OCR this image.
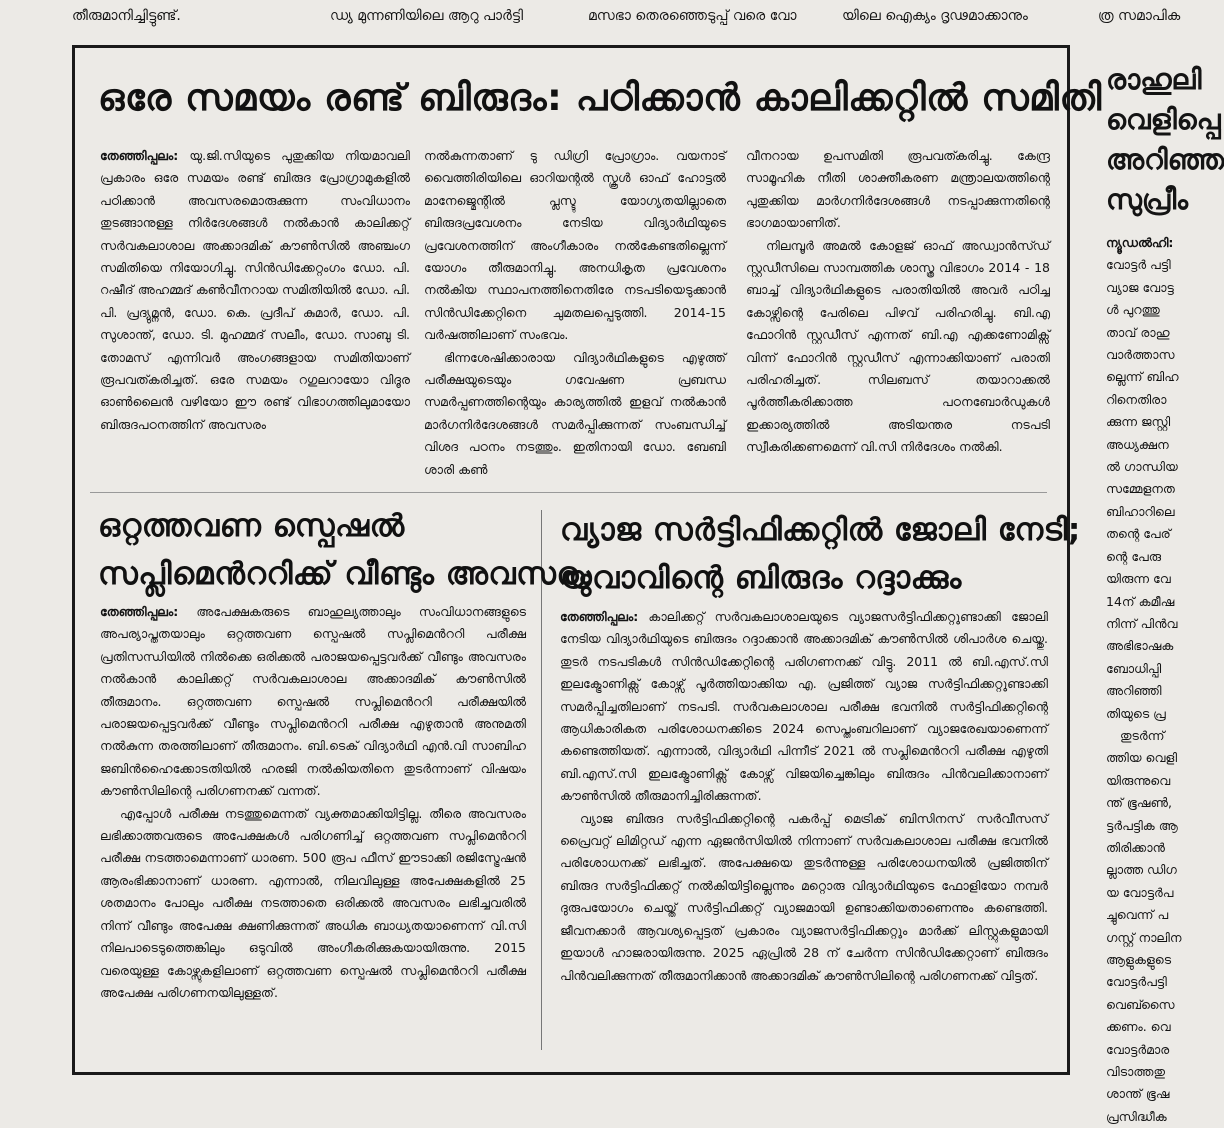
തീരുമാനിച്ചിട്ടുണ്ട്.	ഡ്യ മുന്നണിയിലെ ആറു പാർട്ടി	മസഭാ തെരഞ്ഞെടുപ്പ് വരെ വോ	യിലെ ഐക്യം ദൃഢമാക്കാനും	ത്ര സമാപിക
ഒരേ സമയം രണ്ട് ബിരുദം: പഠിക്കാൻ കാലിക്കറ്റിൽ സമിതി

തേഞ്ഞിപ്പലം: യു.ജി.സിയുടെ പുതുക്കിയ നിയമാവലി പ്രകാരം ഒരേ സമയം രണ്ട് ബിരുദ പ്രോഗ്രാമുകളിൽ പഠിക്കാൻ അവസരമൊരുക്കുന്ന സംവിധാനം തുടങ്ങാനുള്ള നിർദേശങ്ങൾ നൽകാൻ കാലിക്കറ്റ് സർവകലാശാല അക്കാദമിക് കൗൺസിൽ അഞ്ചംഗ സമിതിയെ നിയോഗിച്ചു. സിൻഡിക്കേറ്റംഗം ഡോ. പി. റഷീദ് അഹമ്മദ് കൺവീനറായ സമിതിയിൽ ഡോ. പി. പി. പ്രദ്യുമ്നൻ, ഡോ. കെ. പ്രദീപ് കുമാർ, ഡോ. പി. സുശാന്ത്, ഡോ. ടി. മുഹമ്മദ് സലീം, ഡോ. സാബു ടി. തോമസ് എന്നിവർ അംഗങ്ങളായ സമിതിയാണ് രൂപവത്കരിച്ചത്. ഒരേ സമയം റഗുലറായോ വിദൂര ഓൺലൈൻ വഴിയോ ഈ രണ്ട് വിഭാഗത്തിലുമായോ ബിരുദപഠനത്തിന് അവസരം

നൽകുന്നതാണ് ടു ഡിഗ്രി പ്രോഗ്രാം. വയനാട് വൈത്തിരിയിലെ ഓറിയന്റൽ സ്കൂൾ ഓഫ് ഹോട്ടൽ മാനേജ്മെന്റിൽ പ്ലസ്ടു യോഗ്യതയില്ലാതെ ബിരുദപ്രവേശനം നേടിയ വിദ്യാർഥിയുടെ പ്രവേശനത്തിന് അംഗീകാരം നൽകേണ്ടതില്ലെന്ന് യോഗം തീരുമാനിച്ചു. അനധികൃത പ്രവേശനം നൽകിയ സ്ഥാപനത്തിനെതിരേ നടപടിയെടുക്കാൻ സിൻഡിക്കേറ്റിനെ ചുമതലപ്പെടുത്തി. 2014-15 വർഷത്തിലാണ് സംഭവം.

ഭിന്നശേഷിക്കാരായ വിദ്യാർഥികളുടെ എഴുത്ത് പരീക്ഷയുടെയും ഗവേഷണ പ്രബന്ധ സമർപ്പണത്തിന്റെയും കാര്യത്തിൽ ഇളവ് നൽകാൻ മാർഗനിർദേശങ്ങൾ സമർപ്പിക്കുന്നത് സംബന്ധിച്ച് വിശദ പഠനം നടത്തും. ഇതിനായി ഡോ. ബേബി ശാരി കൺ

വീനറായ ഉപസമിതി രൂപവത്കരിച്ചു. കേന്ദ്ര സാമൂഹിക നീതി ശാക്തീകരണ മന്ത്രാലയത്തിന്റെ പുതുക്കിയ മാർഗനിർദേശങ്ങൾ നടപ്പാക്കുന്നതിന്റെ ഭാഗമായാണിത്.

നിലമ്പൂർ അമൽ കോളജ് ഓഫ് അഡ്വാൻസ്ഡ് സ്റ്റഡീസിലെ സാമ്പത്തിക ശാസ്ത്ര വിഭാഗം 2014 - 18 ബാച്ച് വിദ്യാർഥികളുടെ പരാതിയിൽ അവർ പഠിച്ച കോഴ്സിന്റെ പേരിലെ പിഴവ് പരിഹരിച്ചു. ബി.എ ഫോറിൻ സ്റ്റഡീസ് എന്നത് ബി.എ എക്കണോമിക്സ് വിന്ന് ഫോറിൻ സ്റ്റഡീസ് എന്നാക്കിയാണ് പരാതി പരിഹരിച്ചത്. സിലബസ് തയാറാക്കൽ പൂർത്തീകരിക്കാത്ത പഠനബോർഡുകൾ ഇക്കാര്യത്തിൽ അടിയന്തര നടപടി സ്വീകരിക്കണമെന്ന് വി.സി നിർദേശം നൽകി.

ഒറ്റത്തവണ സ്പെഷൽ
സപ്ലിമെൻററിക്ക് വീണ്ടും അവസരം

തേഞ്ഞിപ്പലം: അപേക്ഷകരുടെ ബാഹുല്യത്താലും സംവിധാനങ്ങളുടെ അപര്യാപ്തതയാലും ഒറ്റത്തവണ സ്പെഷൽ സപ്ലിമെൻററി പരീക്ഷ പ്രതിസന്ധിയിൽ നിൽക്കെ ഒരിക്കൽ പരാജയപ്പെട്ടവർക്ക് വീണ്ടും അവസരം നൽകാൻ കാലിക്കറ്റ് സർവകലാശാല അക്കാദമിക് കൗൺസിൽ തീരുമാനം. ഒറ്റത്തവണ സ്പെഷൽ സപ്ലിമെൻററി പരീക്ഷയിൽ പരാജയപ്പെട്ടവർക്ക് വീണ്ടും സപ്ലിമെൻററി പരീക്ഷ എഴുതാൻ അനുമതി നൽകുന്ന തരത്തിലാണ് തീരുമാനം. ബി.ടെക് വിദ്യാർഥി എൻ.വി സാബിഹ ജബിൻഹൈക്കോടതിയിൽ ഹരജി നൽകിയതിനെ തുടർന്നാണ് വിഷയം കൗൺസിലിന്റെ പരിഗണനക്ക് വന്നത്.

എപ്പോൾ പരീക്ഷ നടത്തുമെന്നത് വ്യക്തമാക്കിയിട്ടില്ല. തീരെ അവസരം ലഭിക്കാത്തവരുടെ അപേക്ഷകൾ പരിഗണിച്ച് ഒറ്റത്തവണ സപ്ലിമെൻററി പരീക്ഷ നടത്താമെന്നാണ് ധാരണ. 500 രൂപ ഫീസ് ഈടാക്കി രജിസ്ട്രേഷൻ ആരംഭിക്കാനാണ് ധാരണ. എന്നാൽ, നിലവിലുള്ള അപേക്ഷകളിൽ 25 ശതമാനം പോലും പരീക്ഷ നടത്താതെ ഒരിക്കൽ അവസരം ലഭിച്ചവരിൽ നിന്ന് വീണ്ടും അപേക്ഷ ക്ഷണിക്കുന്നത് അധിക ബാധ്യതയാണെന്ന് വി.സി നിലപാടെടുത്തെങ്കിലും ഒടുവിൽ അംഗീകരിക്കുകയായിരുന്നു. 2015 വരെയുള്ള കോഴ്സുകളിലാണ് ഒറ്റത്തവണ സ്പെഷൽ സപ്ലിമെൻററി പരീക്ഷ അപേക്ഷ പരിഗണനയിലുള്ളത്.

വ്യാജ സർട്ടിഫിക്കറ്റിൽ ജോലി നേടി;
യുവാവിന്റെ ബിരുദം റദ്ദാക്കും

തേഞ്ഞിപ്പലം: കാലിക്കറ്റ് സർവകലാശാലയുടെ വ്യാജസർട്ടിഫിക്കറ്റുണ്ടാക്കി ജോലി നേടിയ വിദ്യാർഥിയുടെ ബിരുദം റദ്ദാക്കാൻ അക്കാദമിക് കൗൺസിൽ ശിപാർശ ചെയ്തു. തുടർ നടപടികൾ സിൻഡിക്കേറ്റിന്റെ പരിഗണനക്ക് വിട്ടു. 2011 ൽ ബി.എസ്.സി ഇലക്ട്രോണിക്സ് കോഴ്സ് പൂർത്തിയാക്കിയ എ. പ്രജിത്ത് വ്യാജ സർട്ടിഫിക്കറ്റുണ്ടാക്കി സമർപ്പിച്ചതിലാണ് നടപടി. സർവകലാശാല പരീക്ഷ ഭവനിൽ സർട്ടിഫിക്കറ്റിന്റെ ആധികാരികത പരിശോധനക്കിടെ 2024 സെപ്തംബറിലാണ് വ്യാജരേഖയാണെന്ന് കണ്ടെത്തിയത്. എന്നാൽ, വിദ്യാർഥി പിന്നീട് 2021 ൽ സപ്ലിമെൻററി പരീക്ഷ എഴുതി ബി.എസ്.സി ഇലക്ട്രോണിക്സ് കോഴ്സ് വിജയിച്ചെങ്കിലും ബിരുദം പിൻവലിക്കാനാണ് കൗൺസിൽ തീരുമാനിച്ചിരിക്കുന്നത്.

വ്യാജ ബിരുദ സർട്ടിഫിക്കറ്റിന്റെ പകർപ്പ് മെട്രിക് ബിസിനസ് സർവീസസ് പ്രൈവറ്റ് ലിമിറ്റഡ് എന്ന ഏജൻസിയിൽ നിന്നാണ് സർവകലാശാല പരീക്ഷ ഭവനിൽ പരിശോധനക്ക് ലഭിച്ചത്. അപേക്ഷയെ തുടർന്നുള്ള പരിശോധനയിൽ പ്രജിത്തിന് ബിരുദ സർട്ടിഫിക്കറ്റ് നൽകിയിട്ടില്ലെന്നും മറ്റൊരു വിദ്യാർഥിയുടെ ഫോളിയോ നമ്പർ ദുരുപയോഗം ചെയ്ത് സർട്ടിഫിക്കറ്റ് വ്യാജമായി ഉണ്ടാക്കിയതാണെന്നും കണ്ടെത്തി. ജീവനക്കാർ ആവശ്യപ്പെട്ടത് പ്രകാരം വ്യാജസർട്ടിഫിക്കറ്റും മാർക്ക് ലിസ്റ്റുകളുമായി ഇയാൾ ഹാജരായിരുന്നു. 2025 ഏപ്രിൽ 28 ന് ചേർന്ന സിൻഡിക്കേറ്റാണ് ബിരുദം പിൻവലിക്കുന്നത് തീരുമാനിക്കാൻ അക്കാദമിക് കൗൺസിലിന്റെ പരിഗണനക്ക് വിട്ടത്.

രാഹുലി
വെളിപ്പെ
അറിഞ്ഞ
സുപ്രീം
ന്യൂഡൽഹി:
വോട്ടർ പട്ടി
വ്യാജ വോട്ട
ൾ പുറത്തു
താവ് രാഹു
വാർത്താസ
ല്ലെന്ന് ബിഹ
റിനെതിരാ
ക്കുന്ന ജസ്റ്റി
അധ്യക്ഷന
ൽ ഗാന്ധിയ
സമ്മേളനത
ബിഹാറിലെ
തന്റെ പേര്
ന്റെ പേരു
യിരുന്ന വേ
14ന് കമീഷ
നിന്ന് പിൻവ
അഭിഭാഷക
ബോധിപ്പി
അറിഞ്ഞി
തിയുടെ പ്ര
തുടർന്ന്
ത്തിയ വെളി
യിരുന്നുവെ
ന്ത് ഭൂഷൺ,
ട്ടർപട്ടിക ആ
തിരിക്കാൻ
ല്ലാത്ത ഡിഗ
യ വോട്ടർപ
ച്ചുവെന്ന് പ
ഗസ്റ്റ് നാലിന
ആളുകളുടെ
വോട്ടർപട്ടി
വെബ്സൈ
ക്കണം. വെ
വോട്ടർമാര
വിടാത്തതു
ശാന്ത് ഭൂഷ
പ്രസിദ്ധീക
